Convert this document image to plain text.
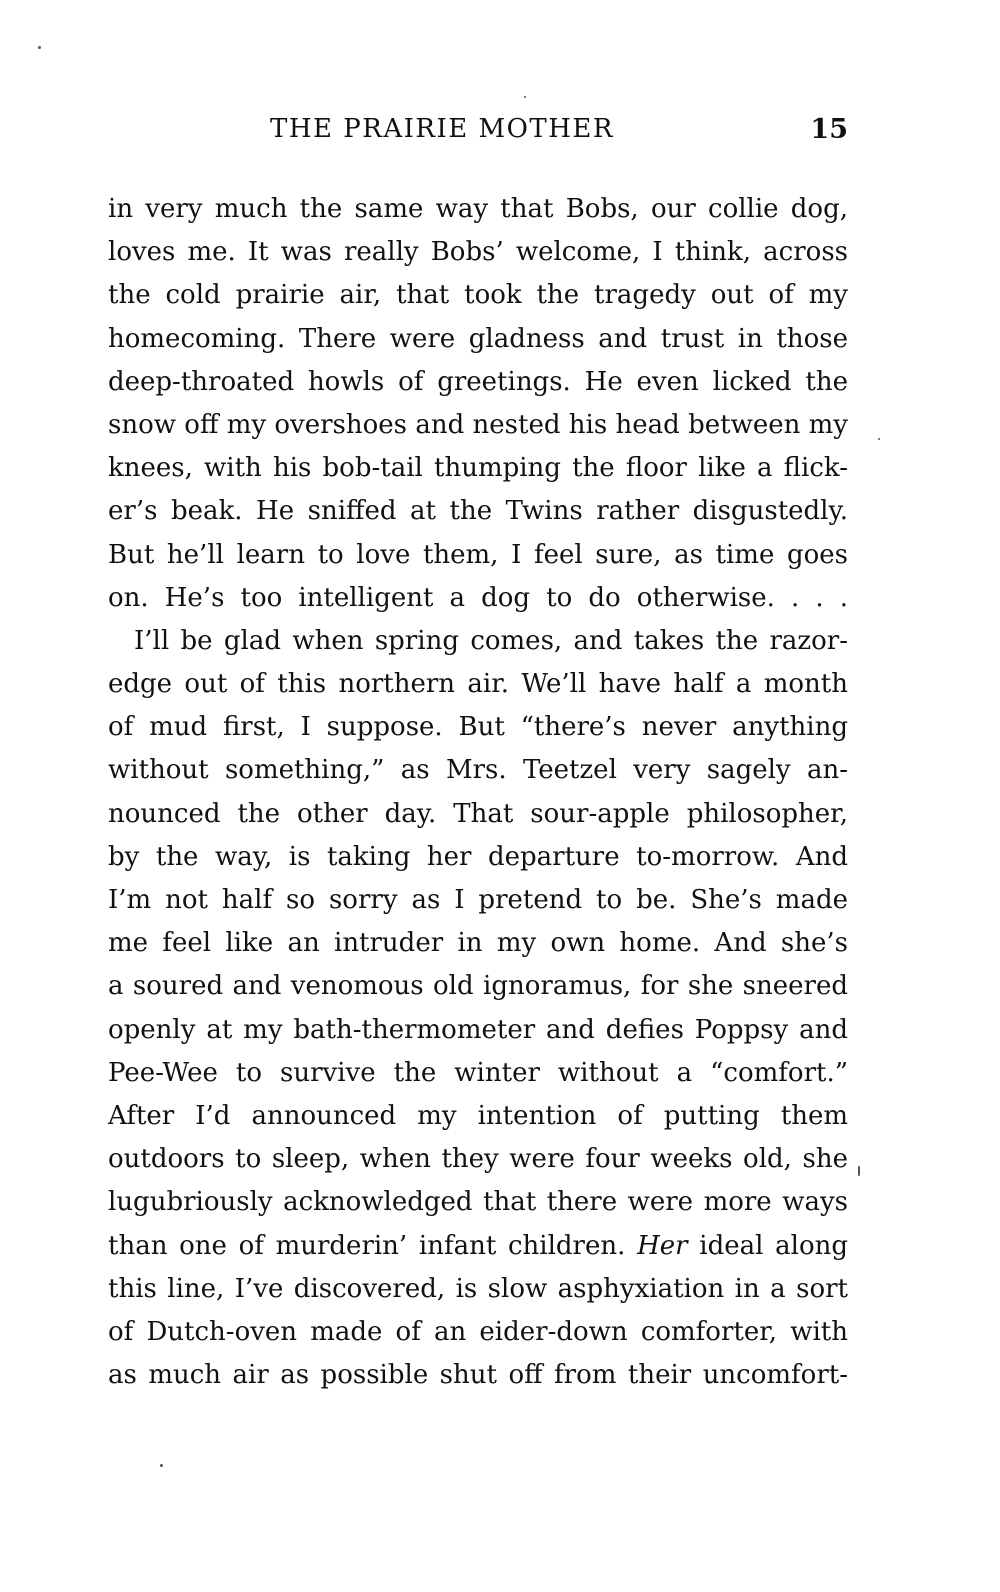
THE PRAIRIE MOTHER	15
in very much the same way that Bobs, our collie dog,
loves me. It was really Bobs’ welcome, I think, across
the cold prairie air, that took the tragedy out of my
homecoming. There were gladness and trust in those
deep-throated howls of greetings. He even licked the
snow off my overshoes and nested his head between my
knees, with his bob-tail thumping the floor like a flick-
er’s beak. He sniffed at the Twins rather disgustedly.
But he’ll learn to love them, I feel sure, as time goes
on. He’s too intelligent a dog to do otherwise. . . .
I’ll be glad when spring comes, and takes the razor-
edge out of this northern air. We’ll have half a month
of mud first, I suppose. But “there’s never anything
without something,” as Mrs. Teetzel very sagely an-
nounced the other day. That sour-apple philosopher,
by the way, is taking her departure to-morrow. And
I’m not half so sorry as I pretend to be. She’s made
me feel like an intruder in my own home. And she’s
a soured and venomous old ignoramus, for she sneered
openly at my bath-thermometer and defies Poppsy and
Pee-Wee to survive the winter without a “comfort.”
After I’d announced my intention of putting them
outdoors to sleep, when they were four weeks old, she
lugubriously acknowledged that there were more ways
than one of murderin’ infant children. Her ideal along
this line, I’ve discovered, is slow asphyxiation in a sort
of Dutch-oven made of an eider-down comforter, with
as much air as possible shut off from their uncomfort-
